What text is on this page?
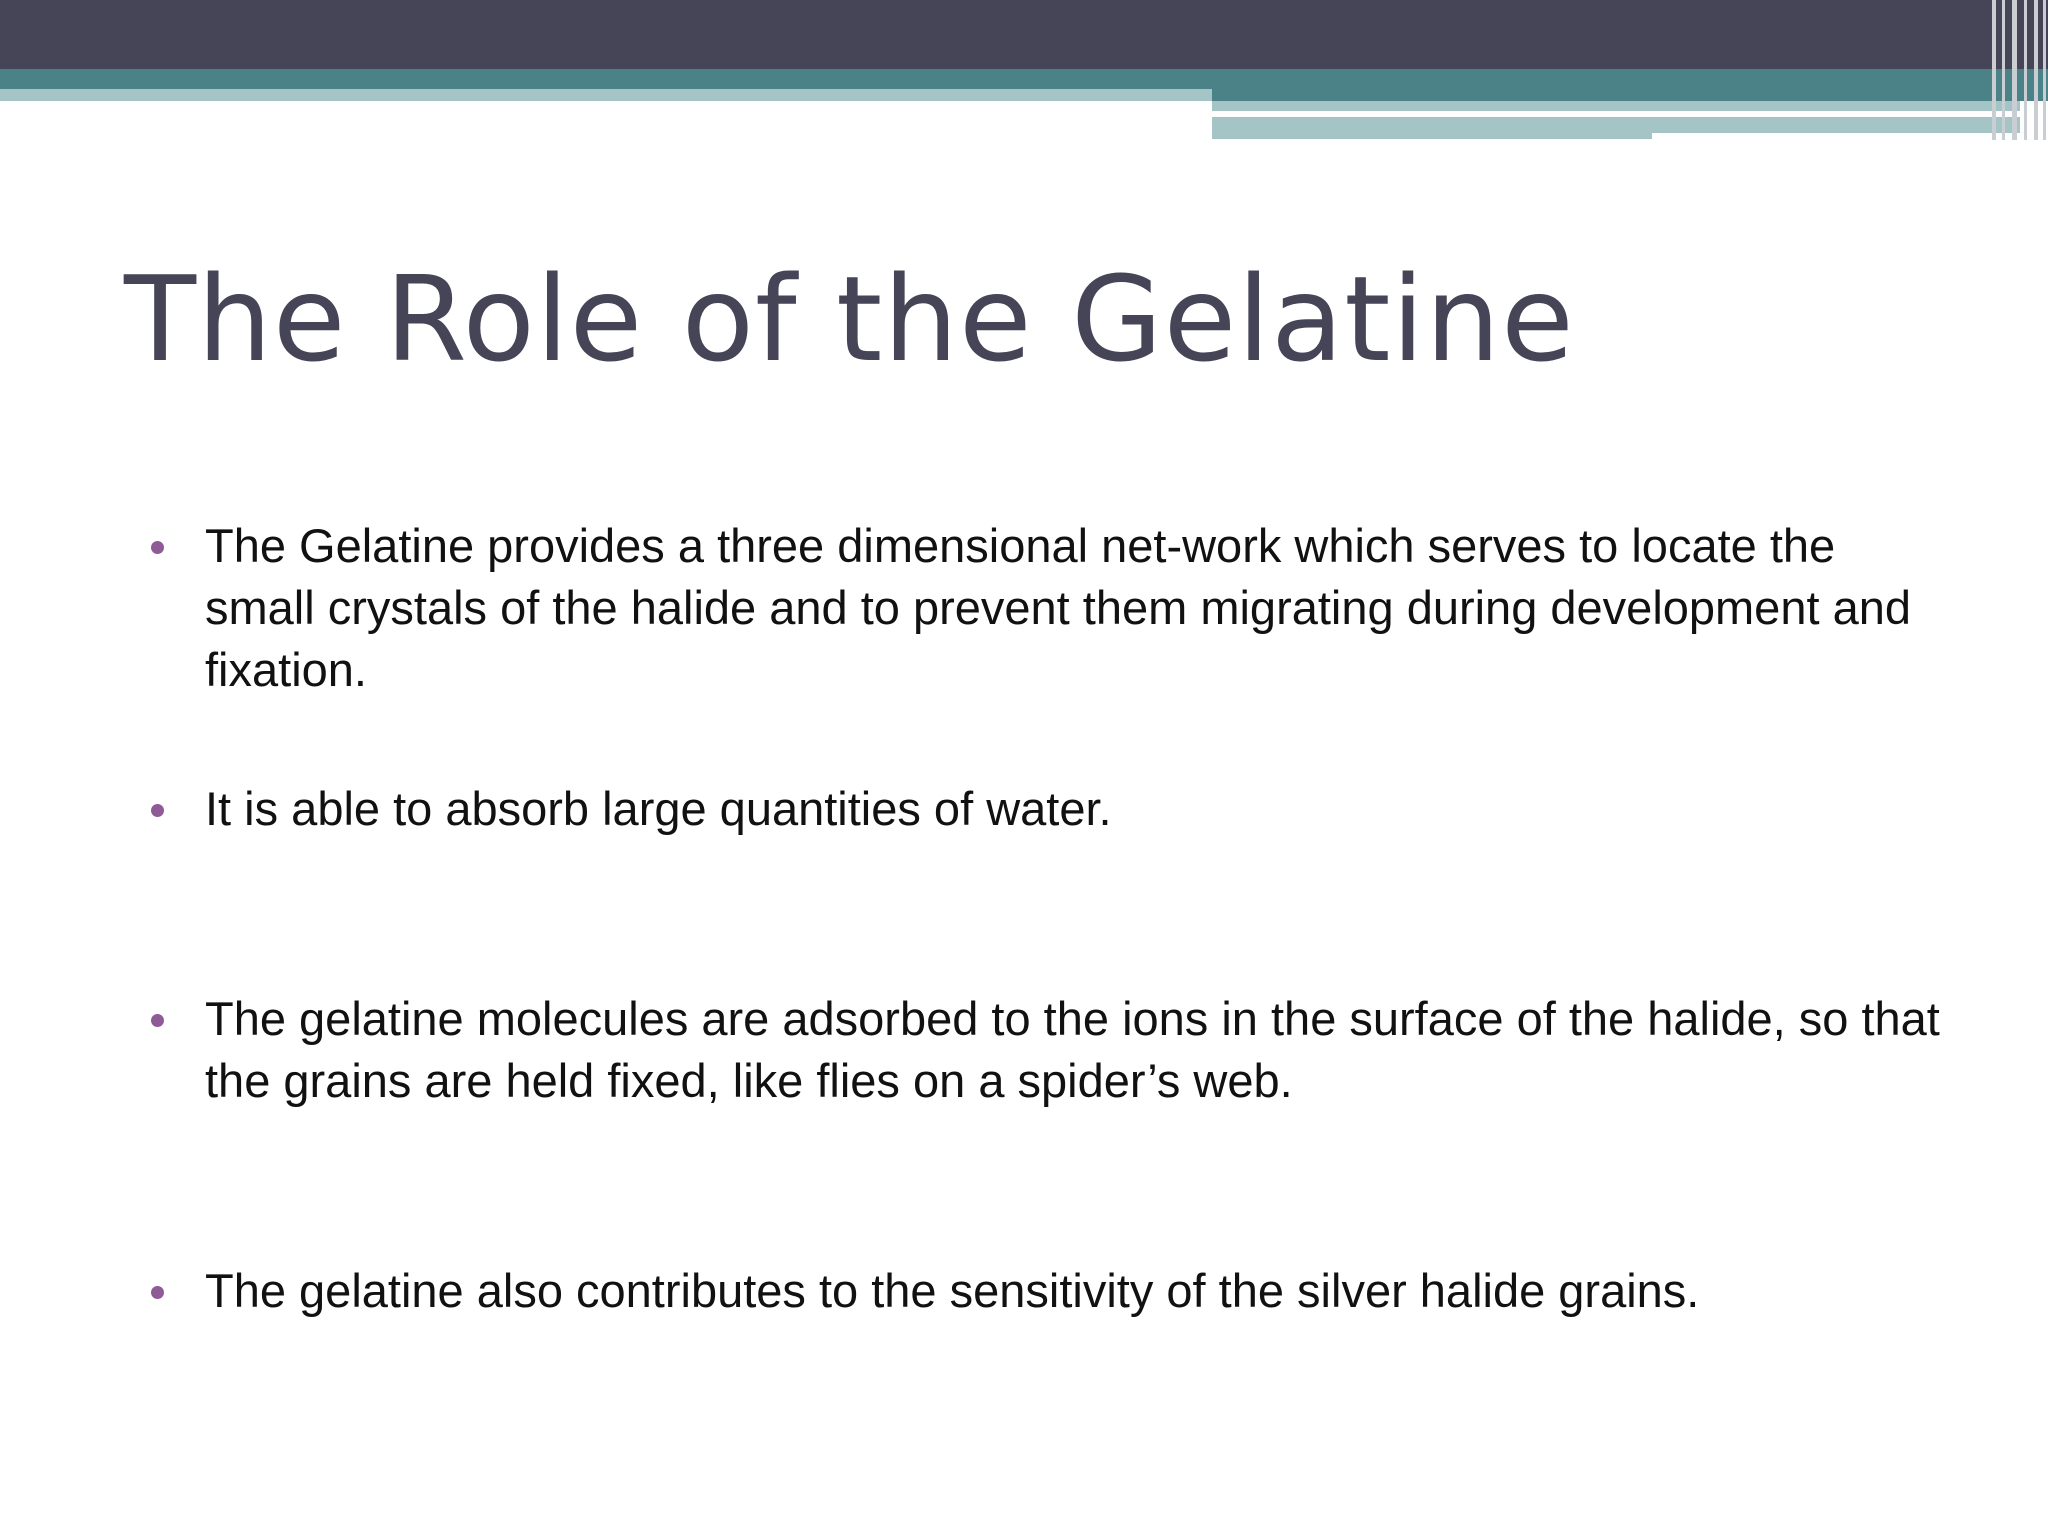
The Role of the Gelatine
The Gelatine provides a three dimensional net-work which serves to locate the small crystals of the halide and to prevent them migrating during development and fixation.
It is able to absorb large quantities of water.
The gelatine molecules are adsorbed to the ions in the surface of the halide, so that the grains are held fixed, like flies on a spider’s web.
The gelatine also contributes to the sensitivity of the silver halide grains.
